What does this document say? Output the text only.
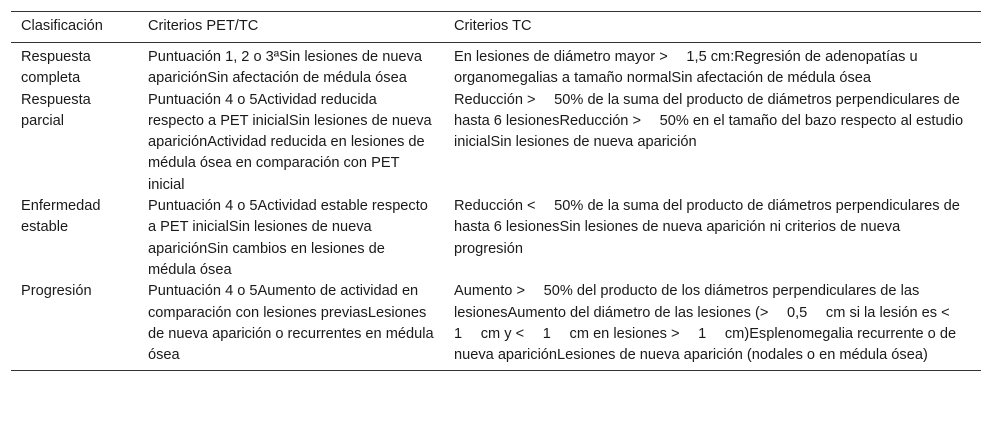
Clasificación	Criterios PET/TC	Criterios TC
Respuesta completa	Puntuación 1, 2 o 3ªSin lesiones de nueva apariciónSin afectación de médula ósea	En lesiones de diámetro mayor >  1,5 cm:Regresión de adenopatías u organomegalias a tamaño normalSin afectación de médula ósea
Respuesta parcial	Puntuación 4 o 5Actividad reducida respecto a PET inicialSin lesiones de nueva apariciónActividad reducida en lesiones de médula ósea en comparación con PET inicial	Reducción >  50% de la suma del producto de diámetros perpendiculares de hasta 6 lesionesReducción >  50% en el tamaño del bazo respecto al estudio inicialSin lesiones de nueva aparición
Enfermedad estable	Puntuación 4 o 5Actividad estable respecto a PET inicialSin lesiones de nueva apariciónSin cambios en lesiones de médula ósea	Reducción <  50% de la suma del producto de diámetros perpendiculares de hasta 6 lesionesSin lesiones de nueva aparición ni criterios de nueva progresión
Progresión	Puntuación 4 o 5Aumento de actividad en comparación con lesiones previasLesiones de nueva aparición o recurrentes en médula ósea	Aumento >  50% del producto de los diámetros perpendiculares de las lesionesAumento del diámetro de las lesiones (>  0,5  cm si la lesión es <  1  cm y <  1  cm en lesiones >  1  cm)Esplenomegalia recurrente o de nueva apariciónLesiones de nueva aparición (nodales o en médula ósea)
